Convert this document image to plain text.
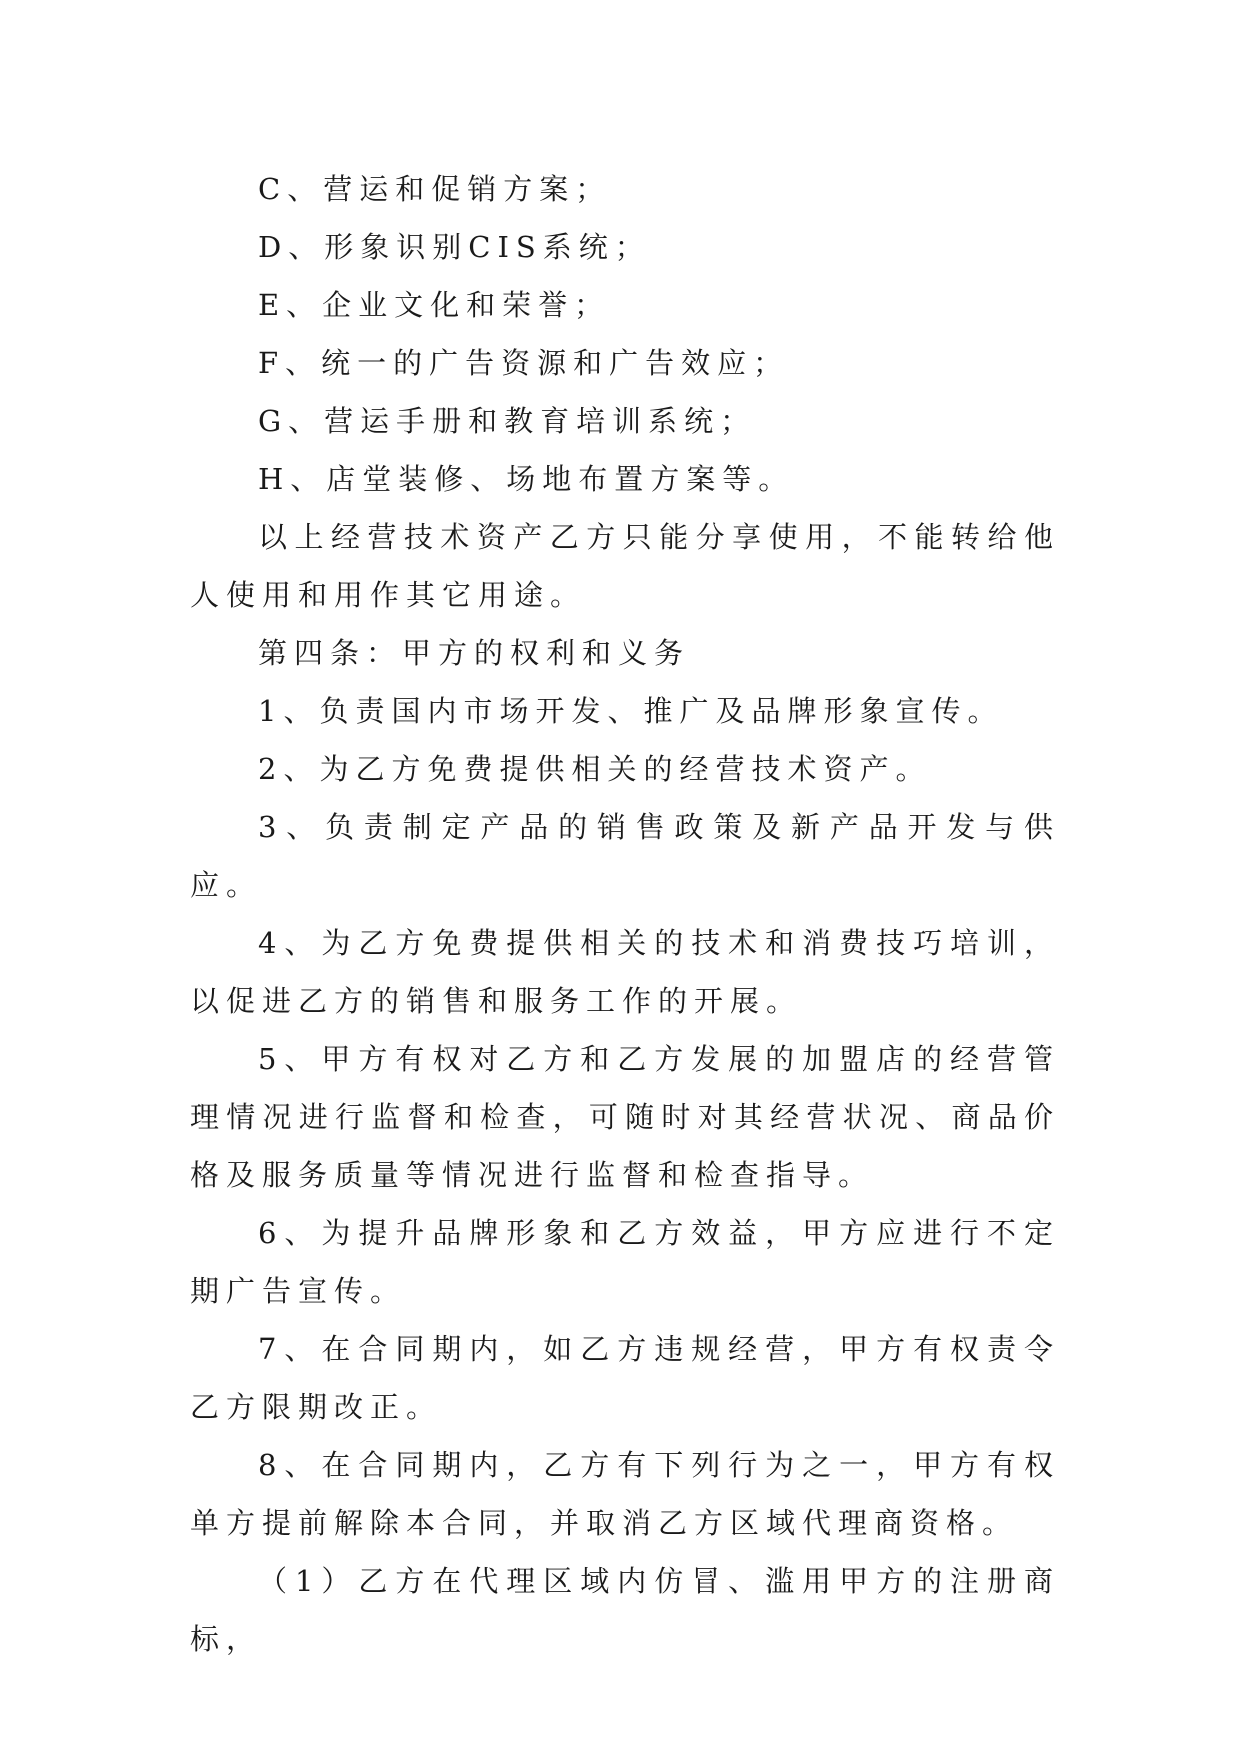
C、营运和促销方案；

D、形象识别CIS系统；

E、企业文化和荣誉；

F、统一的广告资源和广告效应；

G、营运手册和教育培训系统；

H、店堂装修、场地布置方案等。

以上经营技术资产乙方只能分享使用，不能转给他人使用和用作其它用途。

第四条：甲方的权利和义务

1、负责国内市场开发、推广及品牌形象宣传。

2、为乙方免费提供相关的经营技术资产。

3、负责制定产品的销售政策及新产品开发与供应。

4、为乙方免费提供相关的技术和消费技巧培训，以促进乙方的销售和服务工作的开展。

5、甲方有权对乙方和乙方发展的加盟店的经营管理情况进行监督和检查，可随时对其经营状况、商品价格及服务质量等情况进行监督和检查指导。

6、为提升品牌形象和乙方效益，甲方应进行不定期广告宣传。

7、在合同期内，如乙方违规经营，甲方有权责令乙方限期改正。

8、在合同期内，乙方有下列行为之一，甲方有权单方提前解除本合同，并取消乙方区域代理商资格。

（1）乙方在代理区域内仿冒、滥用甲方的注册商标，
